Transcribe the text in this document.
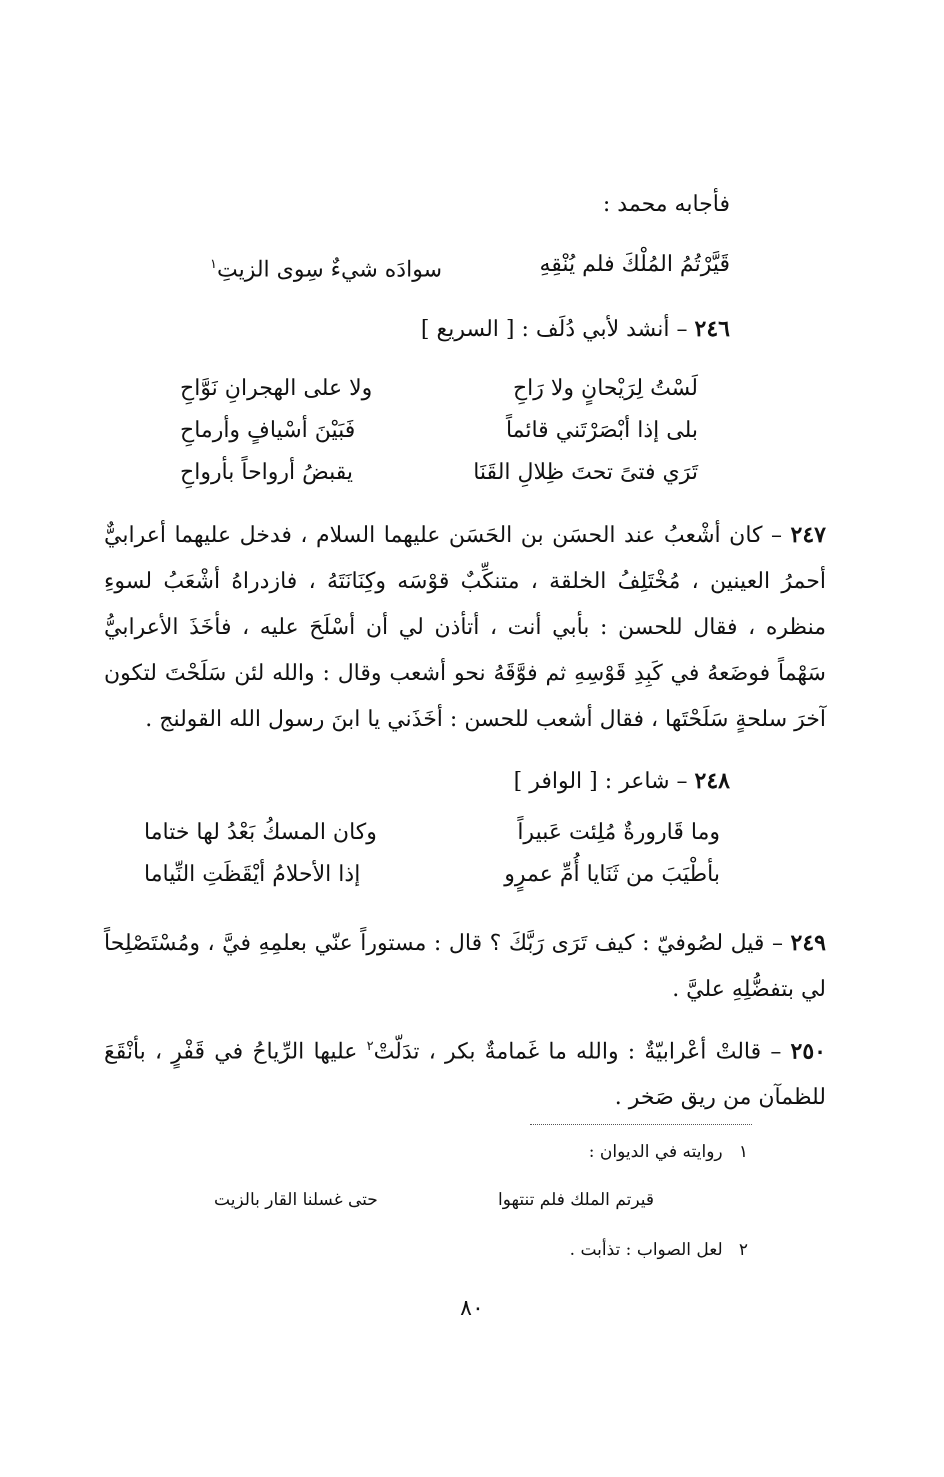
فأجابه محمد :
قَيَّرْتُمُ المُلْكَ فلم يُنْقِهِ
سوادَه شيءٌ سِوى الزيتِ$^١$
٢٤٦ – أنشد لأبي دُلَف : [ السريع ]
لَسْتُ لِرَيْحانٍ ولا رَاحِ
ولا على الهجرانِ نَوَّاحِ
بلى إذا أبْصَرْتَني قائماً
فَبَيْنَ أسْيافٍ وأرماحِ
تَرَي فتىً تحتَ ظِلالِ القَنَا
يقبضُ أرواحاً بأرواحِ
٢٤٧ – كان أشْعبُ عند الحسَن بن الحَسَن عليهما السلام ، فدخل عليهما أعرابيٌّ أحمرُ العينين ، مُخْتَلِفُ الخلقة ، متنكِّبٌ قوْسَه وكِنَانَتَهُ ، فازدراهُ أشْعَبُ لسوءِ منظره ، فقال للحسن : بأبي أنت ، أتأذن لي أن أسْلَحَ عليه ، فأخَذَ الأعرابيُّ سَهْماً فوضَعهُ في كَبِدِ قَوْسِهِ ثم فوَّقَهُ نحو أشعب وقال : والله لئن سَلَحْتَ لتكون آخرَ سلحةٍ سَلَحْتَها ، فقال أشعب للحسن : أخَذَني يا ابنَ رسول الله القولنج .
٢٤٨ – شاعر : [ الوافر ]
وما قَارورةٌ مُلِئت عَبيراً
وكان المسكُ بَعْدُ لها ختاما
بأطْيَبَ من ثَنَايا أُمِّ عمرٍو
إذا الأحلامُ أيْقَظَتِ النِّياما
٢٤٩ – قيل لصُوفيّ : كيف تَرَى رَبَّكَ ؟ قال : مستوراً عنّي بعلمِهِ فيَّ ، ومُسْتَصْلِحاً لي بتفضُّلِهِ عليَّ .
٢٥٠ – قالتْ أعْرابيّةٌ : والله ما غَمامةٌ بكر ، تدَلّتْ$^٢$ عليها الرِّياحُ في قَفْرٍ ، بأنْقَعَ للظمآن من ريق صَخر .
١   روايته في الديوان :
قيرتم الملك فلم تنتهوا
حتى غسلنا القار بالزيت
٢   لعل الصواب : تذأبت .
٨٠
